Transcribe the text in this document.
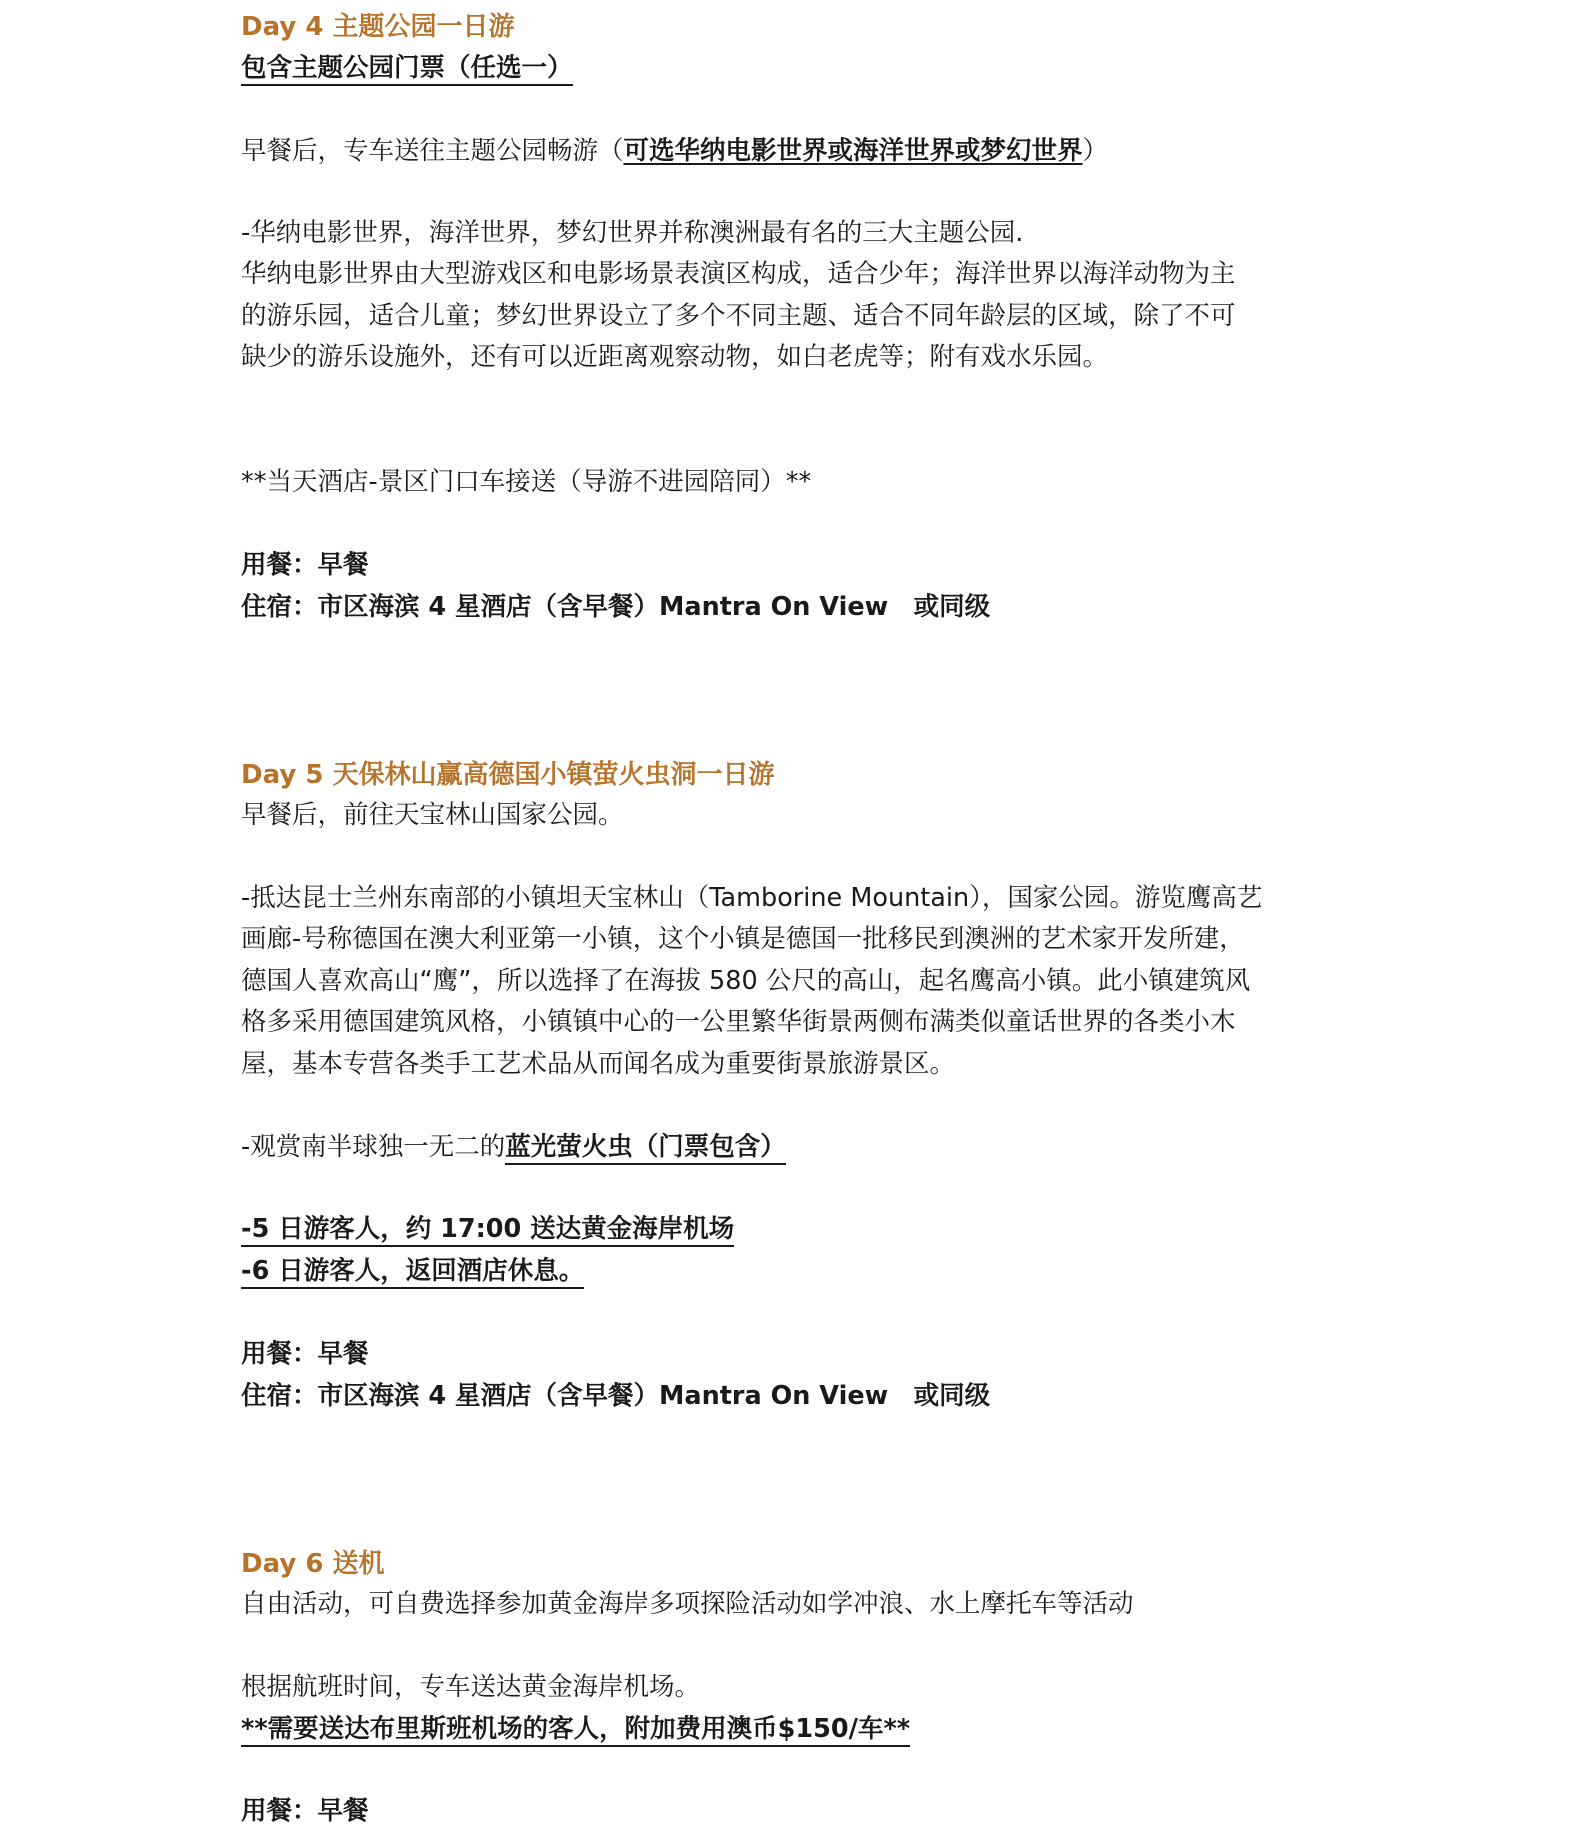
Day 4 主题公园一日游
包含主题公园门票（任选一）
早餐后，专车送往主题公园畅游（可选华纳电影世界或海洋世界或梦幻世界）
-华纳电影世界，海洋世界，梦幻世界并称澳洲最有名的三大主题公园.
华纳电影世界由大型游戏区和电影场景表演区构成，适合少年；海洋世界以海洋动物为主
的游乐园，适合儿童；梦幻世界设立了多个不同主题、适合不同年龄层的区域，除了不可
缺少的游乐设施外，还有可以近距离观察动物，如白老虎等；附有戏水乐园。
**当天酒店-景区门口车接送（导游不进园陪同）**
用餐：早餐
住宿：市区海滨 4 星酒店（含早餐）Mantra On View　或同级
Day 5 天保林山赢高德国小镇萤火虫洞一日游
早餐后，前往天宝林山国家公园。
-抵达昆士兰州东南部的小镇坦天宝林山（Tamborine Mountain），国家公园。游览鹰高艺
画廊-号称德国在澳大利亚第一小镇，这个小镇是德国一批移民到澳洲的艺术家开发所建，
德国人喜欢高山“鹰”，所以选择了在海拔 580 公尺的高山，起名鹰高小镇。此小镇建筑风
格多采用德国建筑风格，小镇镇中心的一公里繁华街景两侧布满类似童话世界的各类小木
屋，基本专营各类手工艺术品从而闻名成为重要街景旅游景区。
-观赏南半球独一无二的蓝光萤火虫（门票包含）
-5 日游客人，约 17:00 送达黄金海岸机场
-6 日游客人，返回酒店休息。
用餐：早餐
住宿：市区海滨 4 星酒店（含早餐）Mantra On View　或同级
Day 6 送机
自由活动，可自费选择参加黄金海岸多项探险活动如学冲浪、水上摩托车等活动
根据航班时间，专车送达黄金海岸机场。
**需要送达布里斯班机场的客人，附加费用澳币$150/车**
用餐：早餐
